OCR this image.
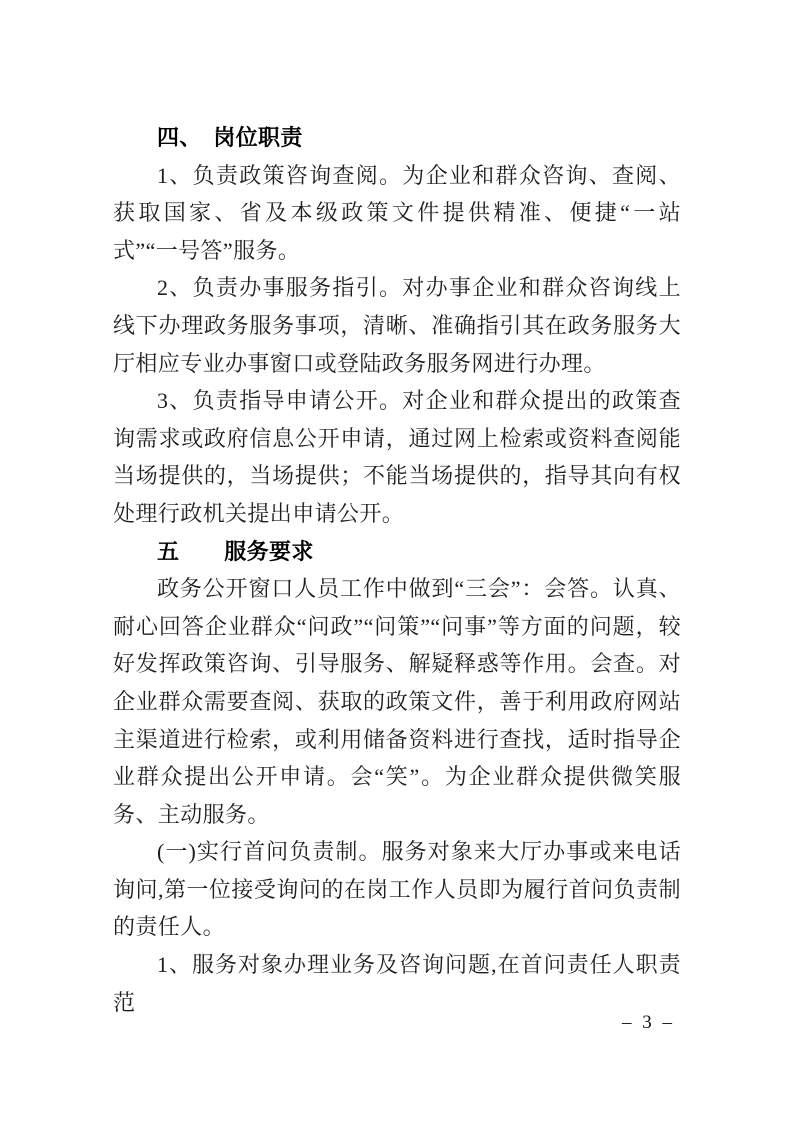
四、　岗位职责

1、负责政策咨询查阅。为企业和群众咨询、查阅、获取国家、省及本级政策文件提供精准、便捷“一站式”“一号答”服务。

2、负责办事服务指引。对办事企业和群众咨询线上线下办理政务服务事项，清晰、准确指引其在政务服务大厅相应专业办事窗口或登陆政务服务网进行办理。

3、负责指导申请公开。对企业和群众提出的政策查询需求或政府信息公开申请，通过网上检索或资料查阅能当场提供的，当场提供；不能当场提供的，指导其向有权处理行政机关提出申请公开。

五　　服务要求

政务公开窗口人员工作中做到“三会”：会答。认真、耐心回答企业群众“问政”“问策”“问事”等方面的问题，较好发挥政策咨询、引导服务、解疑释惑等作用。会查。对企业群众需要查阅、获取的政策文件，善于利用政府网站主渠道进行检索，或利用储备资料进行查找，适时指导企业群众提出公开申请。会“笑”。为企业群众提供微笑服务、主动服务。

(一)实行首问负责制。服务对象来大厅办事或来电话询问,第一位接受询问的在岗工作人员即为履行首问负责制的责任人。

1、服务对象办理业务及咨询问题,在首问责任人职责范

– 3 –
